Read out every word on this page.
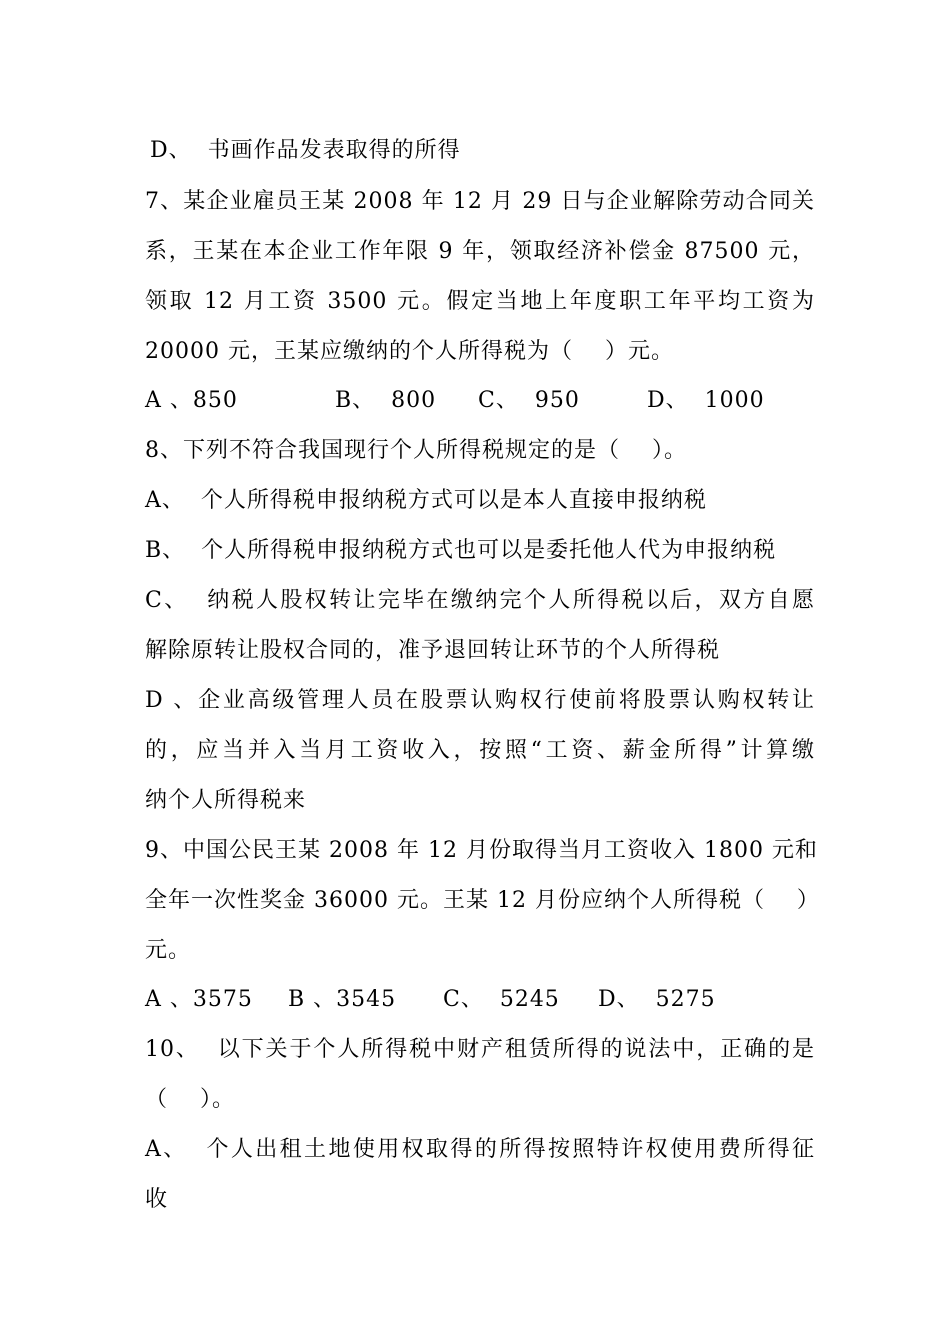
D、  书画作品发表取得的所得
7、某企业雇员王某 2008 年 12 月 29 日与企业解除劳动合同关
系，王某在本企业工作年限 9 年，领取经济补偿金 87500 元，
领取 12 月工资 3500 元。假定当地上年度职工年平均工资为
20000 元，王某应缴纳的个人所得税为（    ）元。

A 、850

	B、  800

C、  950

	D、  1000

8、下列不符合我国现行个人所得税规定的是（    ）。
A、  个人所得税申报纳税方式可以是本人直接申报纳税
B、  个人所得税申报纳税方式也可以是委托他人代为申报纳税
C、  纳税人股权转让完毕在缴纳完个人所得税以后，双方自愿
解除原转让股权合同的，准予退回转让环节的个人所得税
D 、企业高级管理人员在股票认购权行使前将股票认购权转让
的，应当并入当月工资收入，按照“工资、薪金所得”计算缴
纳个人所得税来
9、中国公民王某 2008 年 12 月份取得当月工资收入 1800 元和
全年一次性奖金 36000 元。王某 12 月份应纳个人所得税（    ）
元。

A 、3575

B 、3545

C、  5245

D、  5275

10、  以下关于个人所得税中财产租赁所得的说法中，正确的是
（    ）。
A、  个人出租土地使用权取得的所得按照特许权使用费所得征
收
